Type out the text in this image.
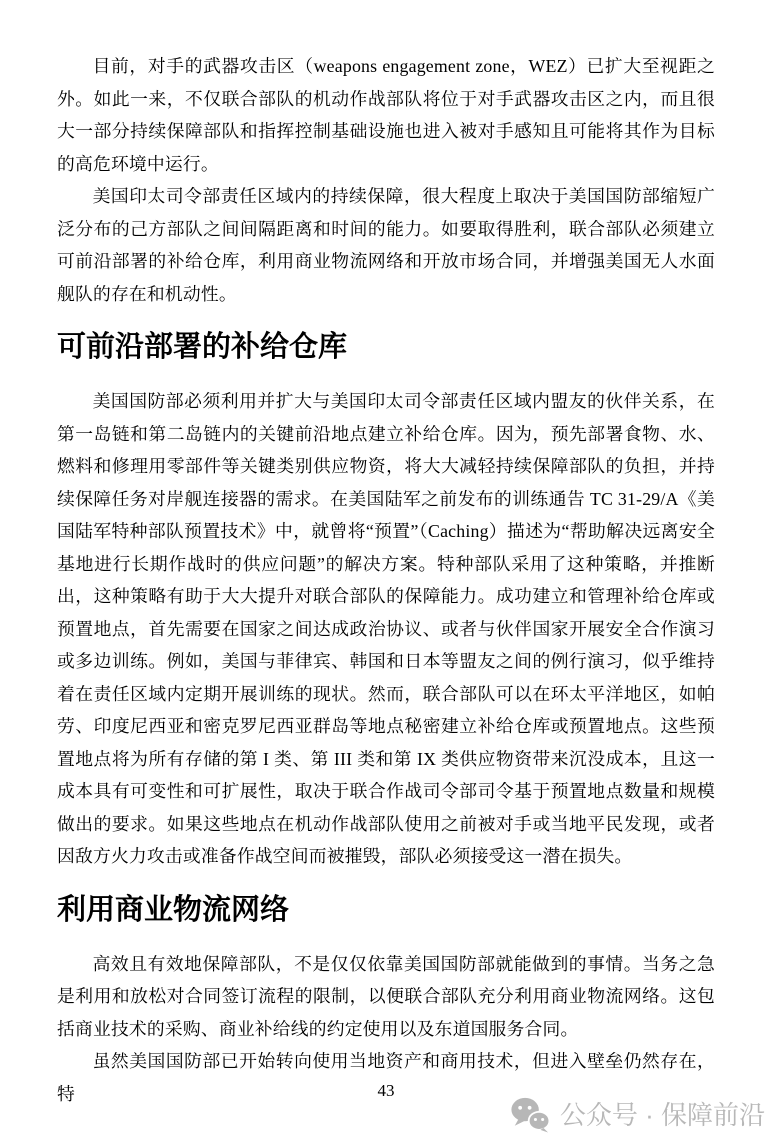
目前，对手的武器攻击区（weapons engagement zone，WEZ）已扩大至视距之外。如此一来，不仅联合部队的机动作战部队将位于对手武器攻击区之内，而且很大一部分持续保障部队和指挥控制基础设施也进入被对手感知且可能将其作为目标的高危环境中运行。

美国印太司令部责任区域内的持续保障，很大程度上取决于美国国防部缩短广泛分布的己方部队之间间隔距离和时间的能力。如要取得胜利，联合部队必须建立可前沿部署的补给仓库，利用商业物流网络和开放市场合同，并增强美国无人水面舰队的存在和机动性。

可前沿部署的补给仓库

美国国防部必须利用并扩大与美国印太司令部责任区域内盟友的伙伴关系，在第一岛链和第二岛链内的关键前沿地点建立补给仓库。因为，预先部署食物、水、燃料和修理用零部件等关键类别供应物资，将大大减轻持续保障部队的负担，并持续保障任务对岸舰连接器的需求。在美国陆军之前发布的训练通告 TC 31-29/A《美国陆军特种部队预置技术》中，就曾将“预置”（Caching）描述为“帮助解决远离安全基地进行长期作战时的供应问题”的解决方案。特种部队采用了这种策略，并推断出，这种策略有助于大大提升对联合部队的保障能力。成功建立和管理补给仓库或预置地点，首先需要在国家之间达成政治协议、或者与伙伴国家开展安全合作演习或多边训练。例如，美国与菲律宾、韩国和日本等盟友之间的例行演习，似乎维持着在责任区域内定期开展训练的现状。然而，联合部队可以在环太平洋地区，如帕劳、印度尼西亚和密克罗尼西亚群岛等地点秘密建立补给仓库或预置地点。这些预置地点将为所有存储的第 I 类、第 III 类和第 IX 类供应物资带来沉没成本，且这一成本具有可变性和可扩展性，取决于联合作战司令部司令基于预置地点数量和规模做出的要求。如果这些地点在机动作战部队使用之前被对手或当地平民发现，或者因敌方火力攻击或准备作战空间而被摧毁，部队必须接受这一潜在损失。

利用商业物流网络

高效且有效地保障部队，不是仅仅依靠美国国防部就能做到的事情。当务之急是利用和放松对合同签订流程的限制，以便联合部队充分利用商业物流网络。这包括商业技术的采购、商业补给线的约定使用以及东道国服务合同。

虽然美国国防部已开始转向使用当地资产和商用技术，但进入壁垒仍然存在，特	43
公众号 · 保障前沿
